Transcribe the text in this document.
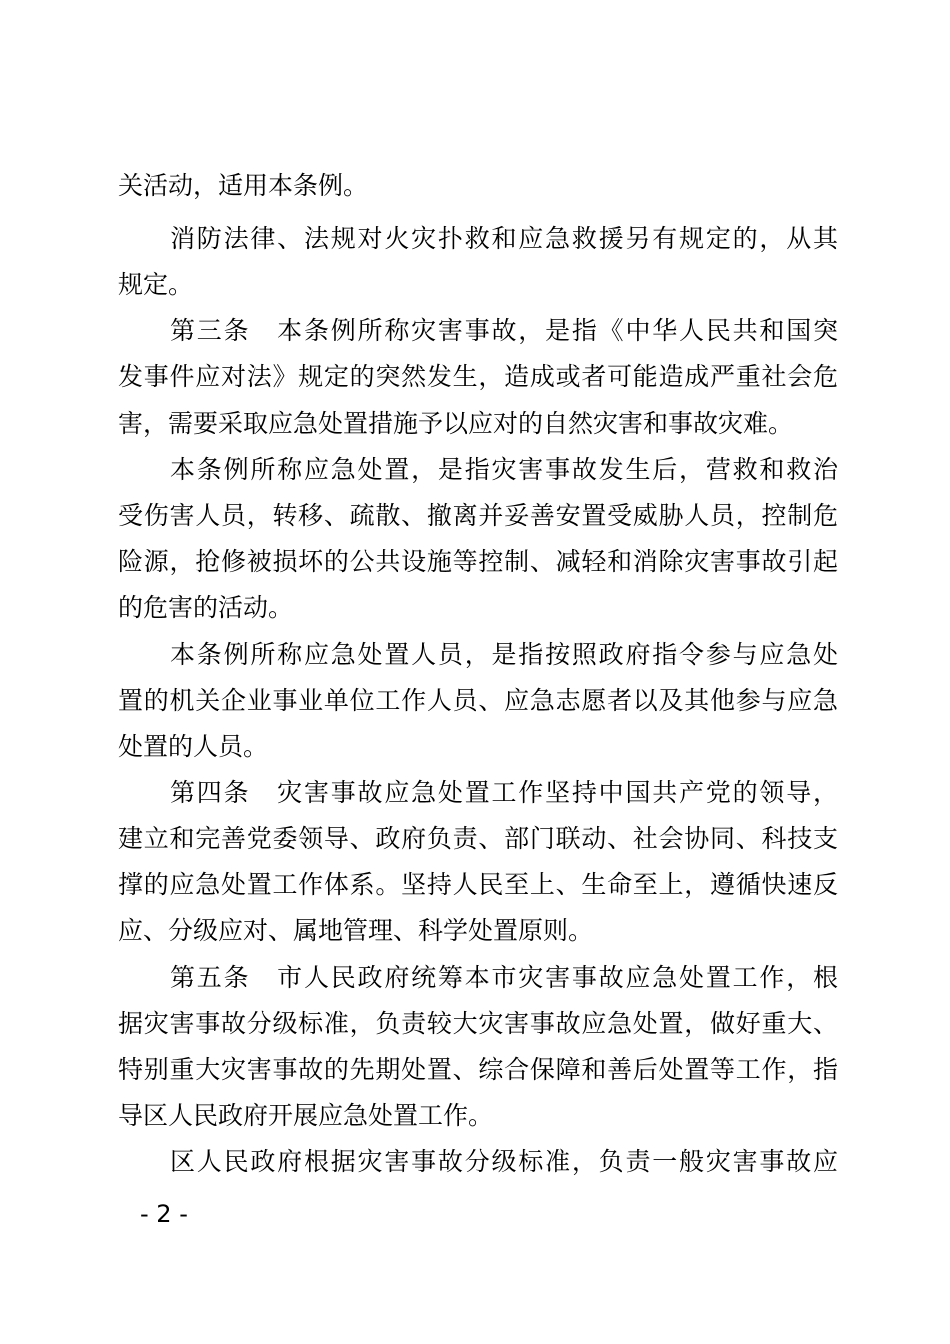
关活动，适用本条例。
消防法律、法规对火灾扑救和应急救援另有规定的，从其
规定。
第三条　本条例所称灾害事故，是指《中华人民共和国突
发事件应对法》规定的突然发生，造成或者可能造成严重社会危
害，需要采取应急处置措施予以应对的自然灾害和事故灾难。
本条例所称应急处置，是指灾害事故发生后，营救和救治
受伤害人员，转移、疏散、撤离并妥善安置受威胁人员，控制危
险源，抢修被损坏的公共设施等控制、减轻和消除灾害事故引起
的危害的活动。
本条例所称应急处置人员，是指按照政府指令参与应急处
置的机关企业事业单位工作人员、应急志愿者以及其他参与应急
处置的人员。
第四条　灾害事故应急处置工作坚持中国共产党的领导，
建立和完善党委领导、政府负责、部门联动、社会协同、科技支
撑的应急处置工作体系。坚持人民至上、生命至上，遵循快速反
应、分级应对、属地管理、科学处置原则。
第五条　市人民政府统筹本市灾害事故应急处置工作，根
据灾害事故分级标准，负责较大灾害事故应急处置，做好重大、
特别重大灾害事故的先期处置、综合保障和善后处置等工作，指
导区人民政府开展应急处置工作。
区人民政府根据灾害事故分级标准，负责一般灾害事故应
- 2 -
